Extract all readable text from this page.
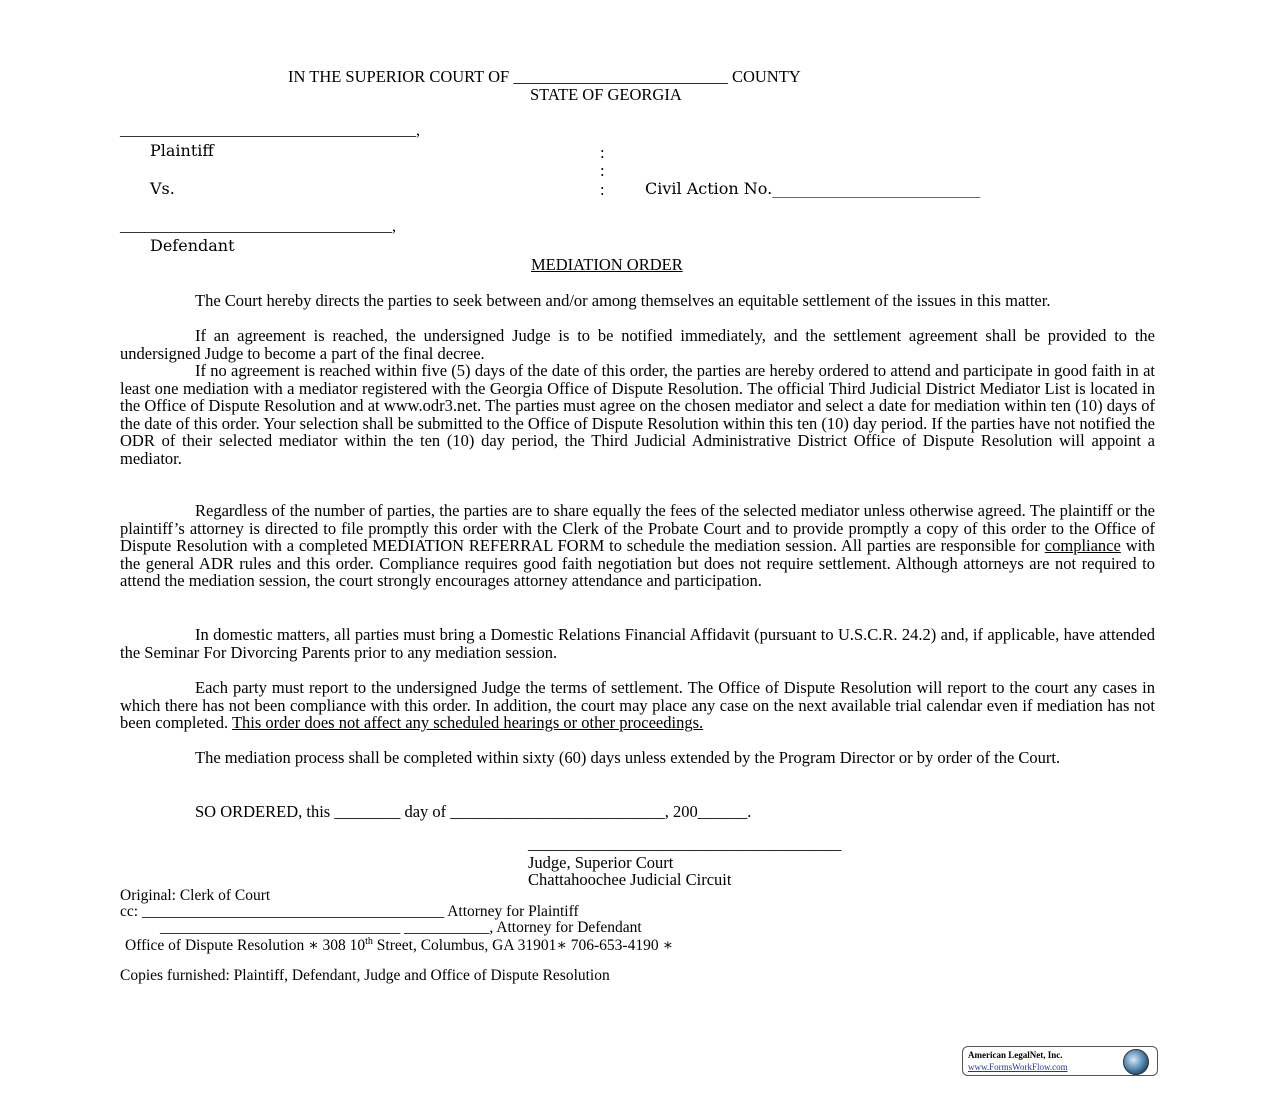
IN THE SUPERIOR COURT OF __________________________ COUNTY
STATE OF GEORGIA
_____________________________________,
Plaintiff	:
:
:
Vs.	Civil Action No.__________________________
__________________________________,
Defendant
MEDIATION ORDER
The Court hereby directs the parties to seek between and/or among themselves an equitable settlement of the issues in this matter.
If an agreement is reached, the undersigned Judge is to be notified immediately, and the settlement agreement shall be provided to the undersigned Judge to become a part of the final decree.
If no agreement is reached within five (5) days of the date of this order, the parties are hereby ordered to attend and participate in good faith in at least one mediation with a mediator registered with the Georgia Office of Dispute Resolution. The official Third Judicial District Mediator List is located in the Office of Dispute Resolution and at www.odr3.net. The parties must agree on the chosen mediator and select a date for mediation within ten (10) days of the date of this order. Your selection shall be submitted to the Office of Dispute Resolution within this ten (10) day period. If the parties have not notified the ODR of their selected mediator within the ten (10) day period, the Third Judicial Administrative District Office of Dispute Resolution will appoint a mediator.
Regardless of the number of parties, the parties are to share equally the fees of the selected mediator unless otherwise agreed. The plaintiff or the plaintiff’s attorney is directed to file promptly this order with the Clerk of the Probate Court and to provide promptly a copy of this order to the Office of Dispute Resolution with a completed MEDIATION REFERRAL FORM to schedule the mediation session. All parties are responsible for compliance with the general ADR rules and this order. Compliance requires good faith negotiation but does not require settlement. Although attorneys are not required to attend the mediation session, the court strongly encourages attorney attendance and participation.
In domestic matters, all parties must bring a Domestic Relations Financial Affidavit (pursuant to U.S.C.R. 24.2) and, if applicable, have attended the Seminar For Divorcing Parents prior to any mediation session.
Each party must report to the undersigned Judge the terms of settlement. The Office of Dispute Resolution will report to the court any cases in which there has not been compliance with this order. In addition, the court may place any case on the next available trial calendar even if mediation has not been completed. This order does not affect any scheduled hearings or other proceedings.
The mediation process shall be completed within sixty (60) days unless extended by the Program Director or by order of the Court.
SO ORDERED, this ________ day of __________________________, 200______.
______________________________________
Judge, Superior Court
Chattahoochee Judicial Circuit
Original: Clerk of Court
cc: _______________________________________ Attorney for Plaintiff
_______________________________ ___________, Attorney for Defendant
Office of Dispute Resolution ∗ 308 10th Street, Columbus, GA 31901∗ 706-653-4190 ∗
Copies furnished: Plaintiff, Defendant, Judge and Office of Dispute Resolution
American LegalNet, Inc.
www.FormsWorkFlow.com
